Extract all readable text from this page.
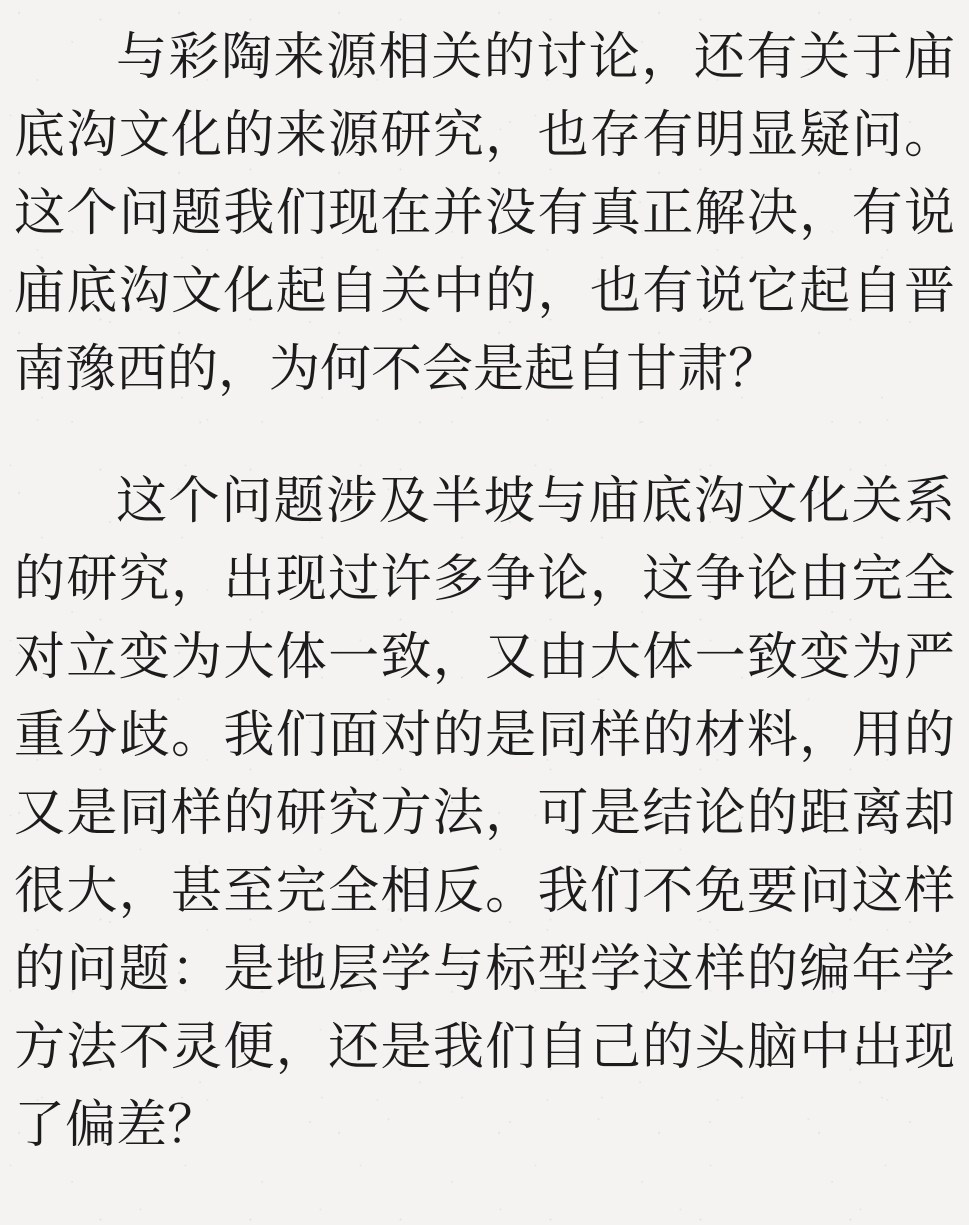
与彩陶来源相关的讨论，还有关于庙底沟文化的来源研究，也存有明显疑问。这个问题我们现在并没有真正解决，有说庙底沟文化起自关中的，也有说它起自晋南豫西的，为何不会是起自甘肃？

这个问题涉及半坡与庙底沟文化关系的研究，出现过许多争论，这争论由完全对立变为大体一致，又由大体一致变为严重分歧。我们面对的是同样的材料，用的又是同样的研究方法，可是结论的距离却很大，甚至完全相反。我们不免要问这样的问题：是地层学与标型学这样的编年学方法不灵便，还是我们自己的头脑中出现了偏差？
